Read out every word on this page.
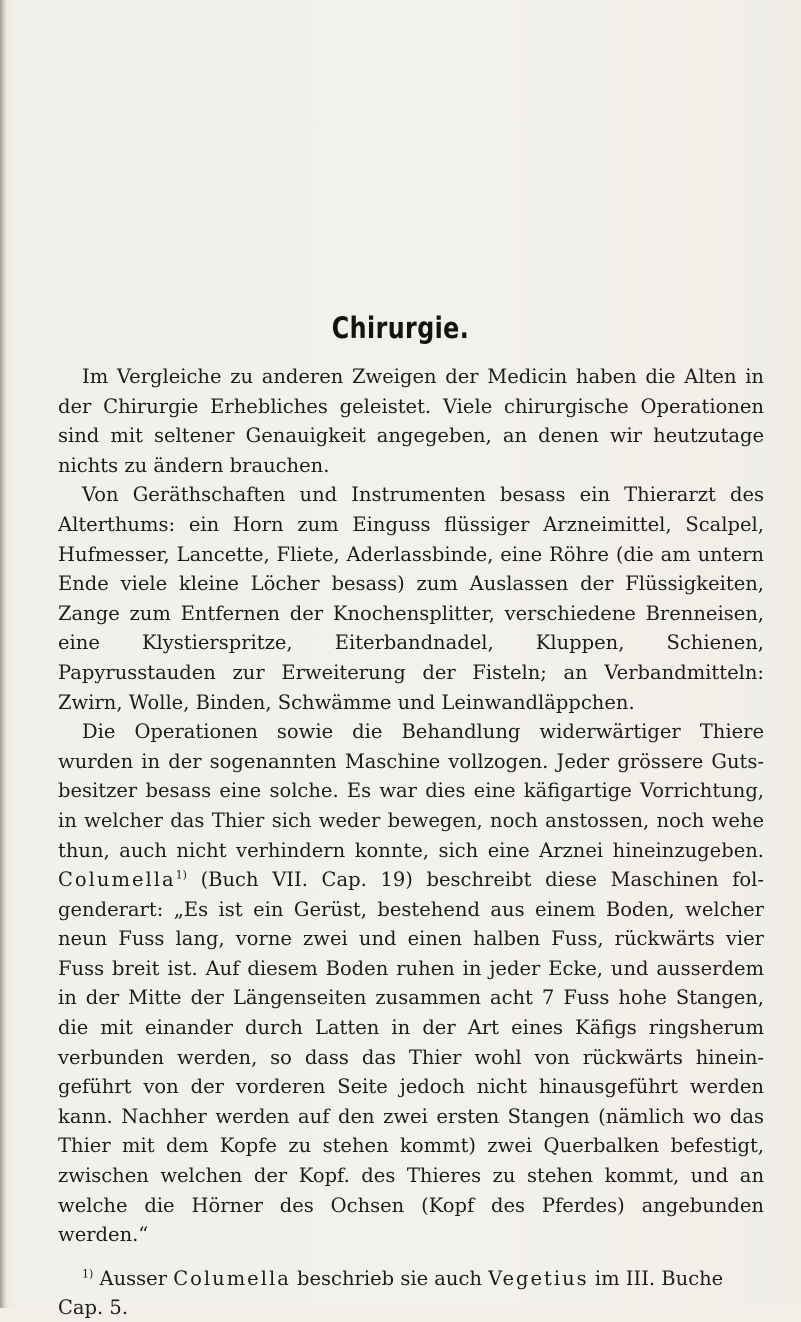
Chirurgie.

Im Vergleiche zu anderen Zweigen der Medicin haben die Alten in der Chirurgie Erhebliches geleistet. Viele chirurgische Operationen sind mit seltener Genauigkeit angegeben, an denen wir heutzutage nichts zu ändern brauchen.

Von Geräthschaften und Instrumenten besass ein Thierarzt des Alterthums: ein Horn zum Einguss flüssiger Arzneimittel, Scalpel, Hufmesser, Lancette, Fliete, Aderlassbinde, eine Röhre (die am untern Ende viele kleine Löcher besass) zum Auslassen der Flüssigkeiten, Zange zum Entfernen der Knochensplitter, verschiedene Brenneisen, eine Klystierspritze, Eiterbandnadel, Kluppen, Schienen, Papyrusstauden zur Erweiterung der Fisteln; an Verbandmitteln: Zwirn, Wolle, Binden, Schwämme und Leinwandläppchen.

Die Operationen sowie die Behandlung widerwärtiger Thiere wurden in der sogenannten Maschine vollzogen. Jeder grössere Guts-besitzer besass eine solche. Es war dies eine käfigartige Vorrichtung, in welcher das Thier sich weder bewegen, noch anstossen, noch wehe thun, auch nicht verhindern konnte, sich eine Arznei hineinzugeben. Columella$^{1)}$ (Buch VII. Cap. 19) beschreibt diese Maschinen fol-genderart: „Es ist ein Gerüst, bestehend aus einem Boden, welcher neun Fuss lang, vorne zwei und einen halben Fuss, rückwärts vier Fuss breit ist. Auf diesem Boden ruhen in jeder Ecke, und ausserdem in der Mitte der Längenseiten zusammen acht 7 Fuss hohe Stangen, die mit einander durch Latten in der Art eines Käfigs ringsherum verbunden werden, so dass das Thier wohl von rückwärts hinein-geführt von der vorderen Seite jedoch nicht hinausgeführt werden kann. Nachher werden auf den zwei ersten Stangen (nämlich wo das Thier mit dem Kopfe zu stehen kommt) zwei Querbalken befestigt, zwischen welchen der Kopf. des Thieres zu stehen kommt, und an welche die Hörner des Ochsen (Kopf des Pferdes) angebunden werden.“

$^{1)}$ Ausser Columella beschrieb sie auch Vegetius im III. Buche
Cap. 5.
